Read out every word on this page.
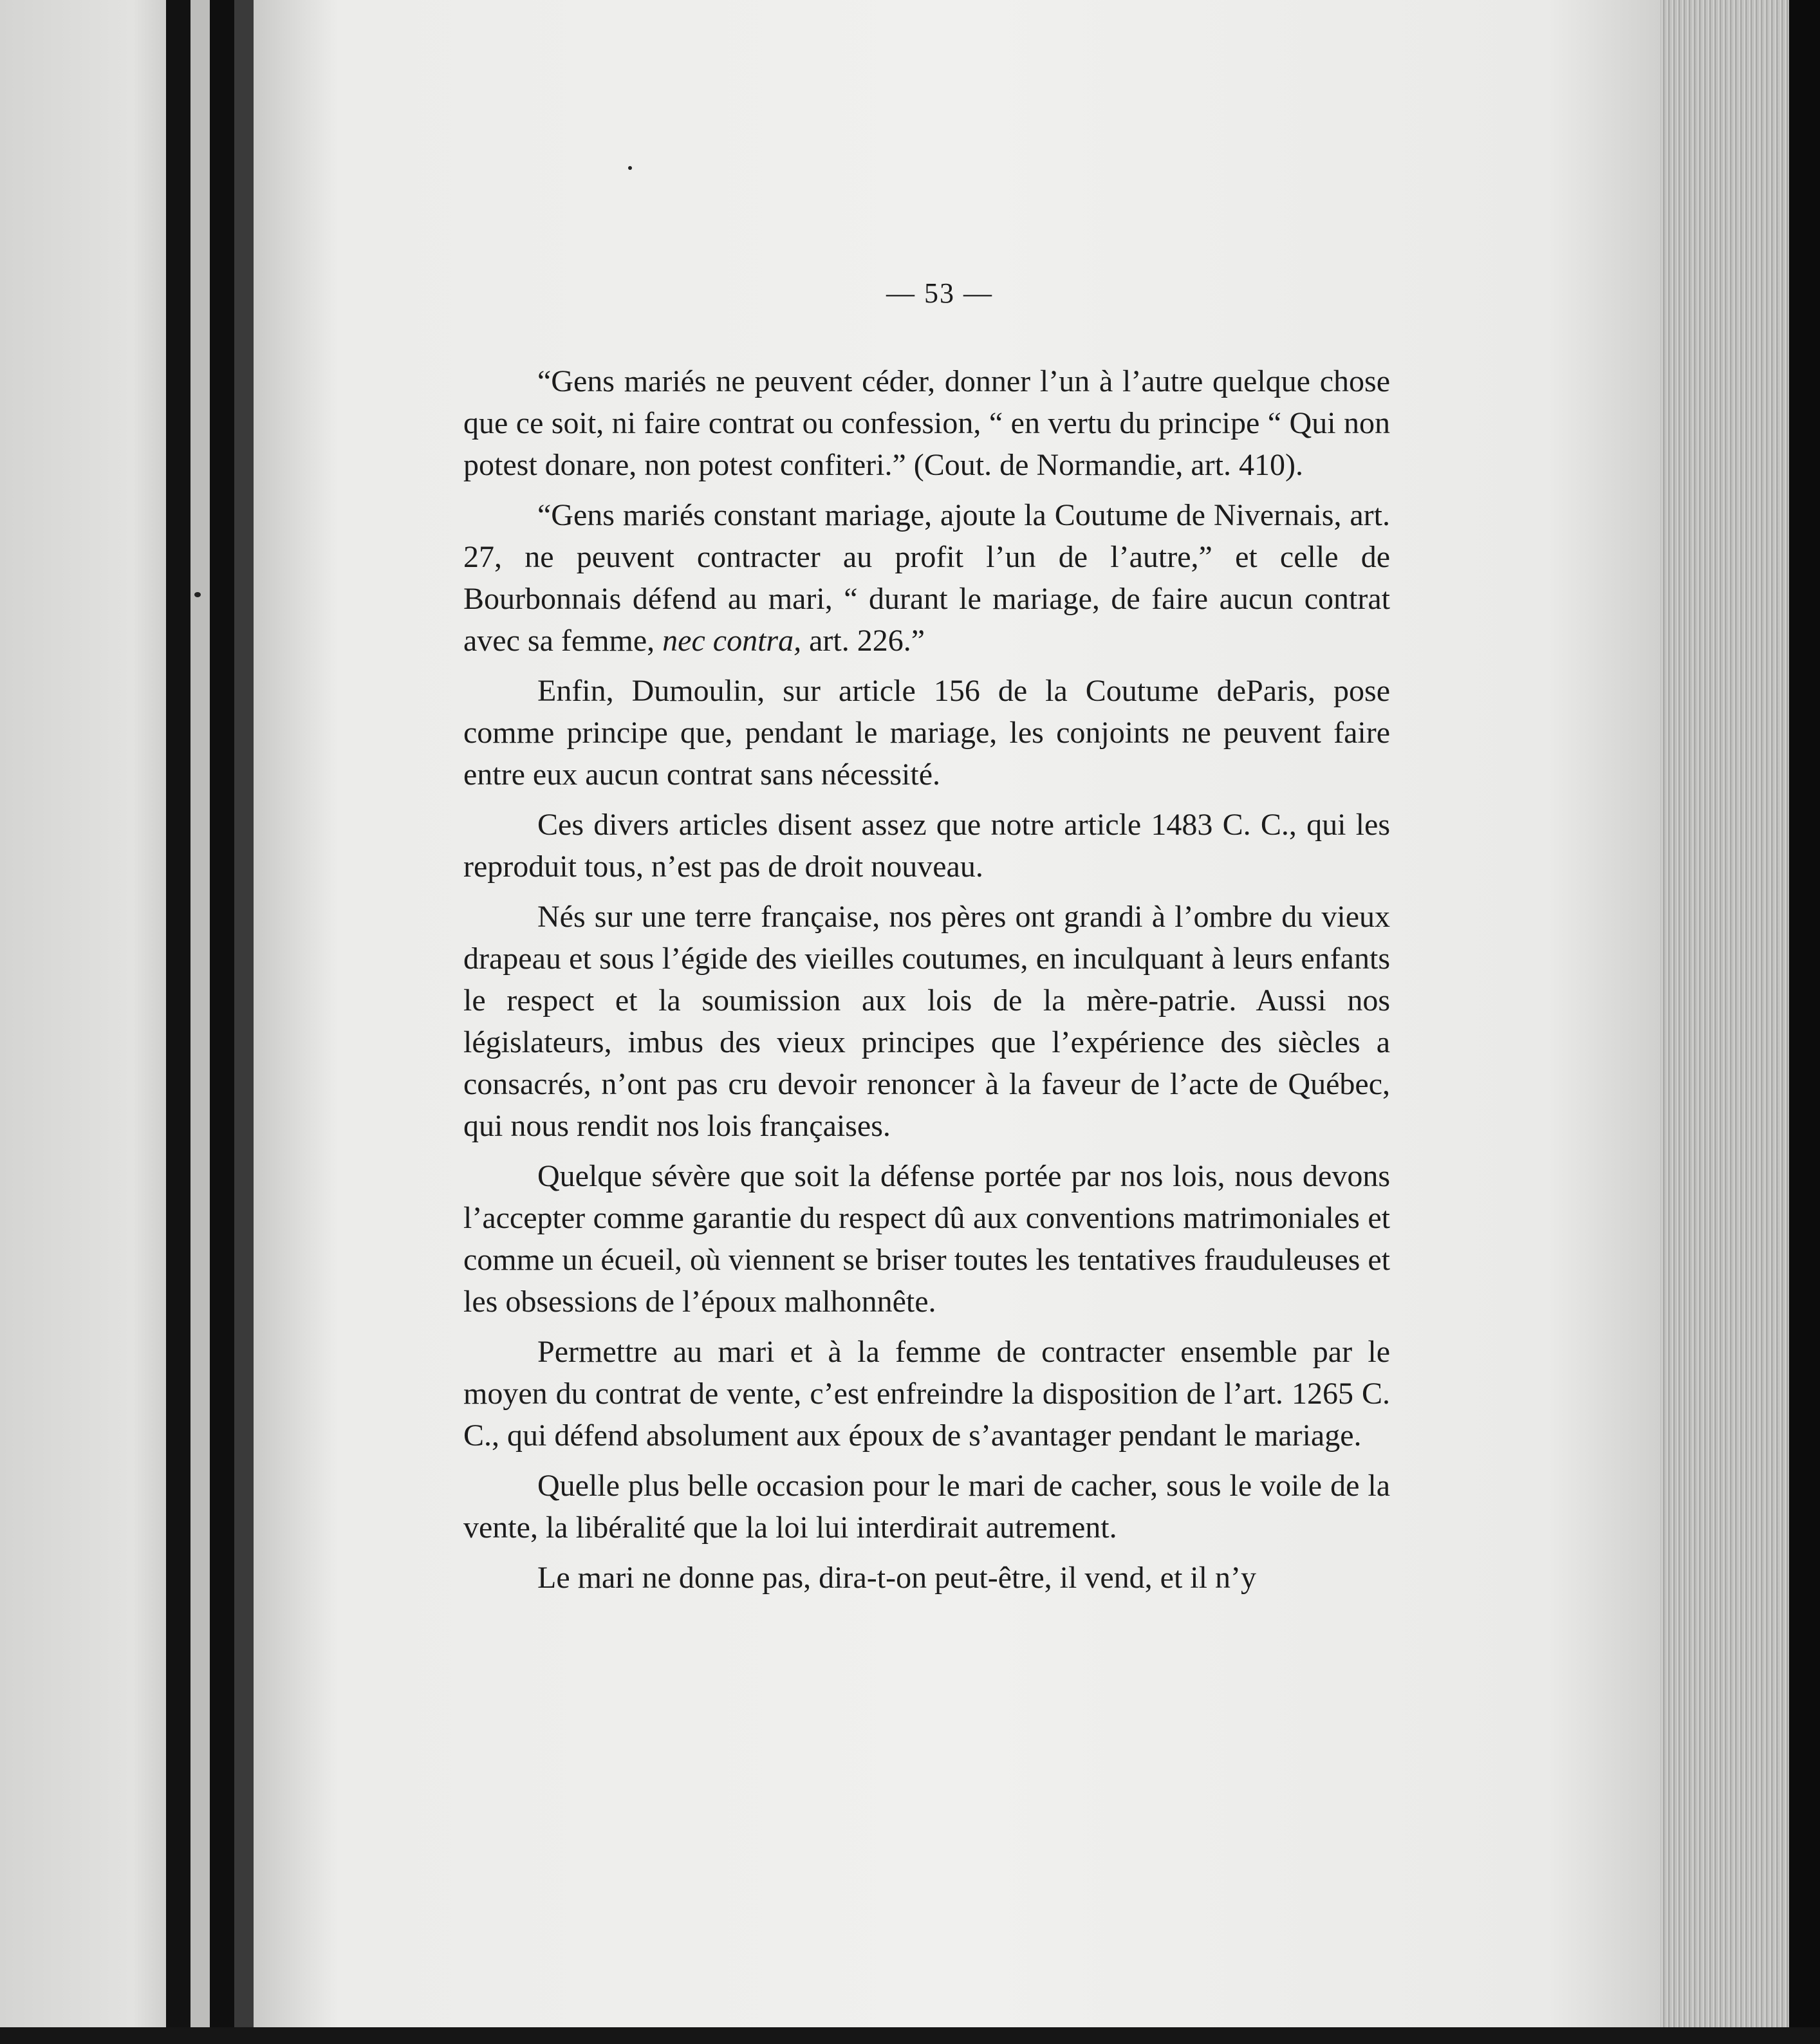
— 53 —

“Gens mariés ne peuvent céder, donner l’un à l’autre quelque chose que ce soit, ni faire contrat ou confession, “ en vertu du principe “ Qui non potest donare, non potest confiteri.” (Cout. de Normandie, art. 410).

“Gens mariés constant mariage, ajoute la Coutume de Nivernais, art. 27, ne peuvent contracter au profit l’un de l’autre,” et celle de Bourbonnais défend au mari, “ durant le mariage, de faire aucun contrat avec sa femme, nec contra, art. 226.”

Enfin, Dumoulin, sur article 156 de la Coutume deParis, pose comme principe que, pendant le mariage, les conjoints ne peuvent faire entre eux aucun contrat sans nécessité.

Ces divers articles disent assez que notre article 1483 C. C., qui les reproduit tous, n’est pas de droit nouveau.

Nés sur une terre française, nos pères ont grandi à l’ombre du vieux drapeau et sous l’égide des vieilles coutumes, en inculquant à leurs enfants le respect et la soumission aux lois de la mère-patrie. Aussi nos législateurs, imbus des vieux principes que l’expérience des siècles a consacrés, n’ont pas cru devoir renoncer à la faveur de l’acte de Québec, qui nous rendit nos lois françaises.

Quelque sévère que soit la défense portée par nos lois, nous devons l’accepter comme garantie du respect dû aux conventions matrimoniales et comme un écueil, où viennent se briser toutes les tentatives frauduleuses et les obsessions de l’époux malhonnête.

Permettre au mari et à la femme de contracter ensemble par le moyen du contrat de vente, c’est enfreindre la disposition de l’art. 1265 C. C., qui défend absolument aux époux de s’avantager pendant le mariage.

Quelle plus belle occasion pour le mari de cacher, sous le voile de la vente, la libéralité que la loi lui interdirait autrement.

Le mari ne donne pas, dira-t-on peut-être, il vend, et il n’y
